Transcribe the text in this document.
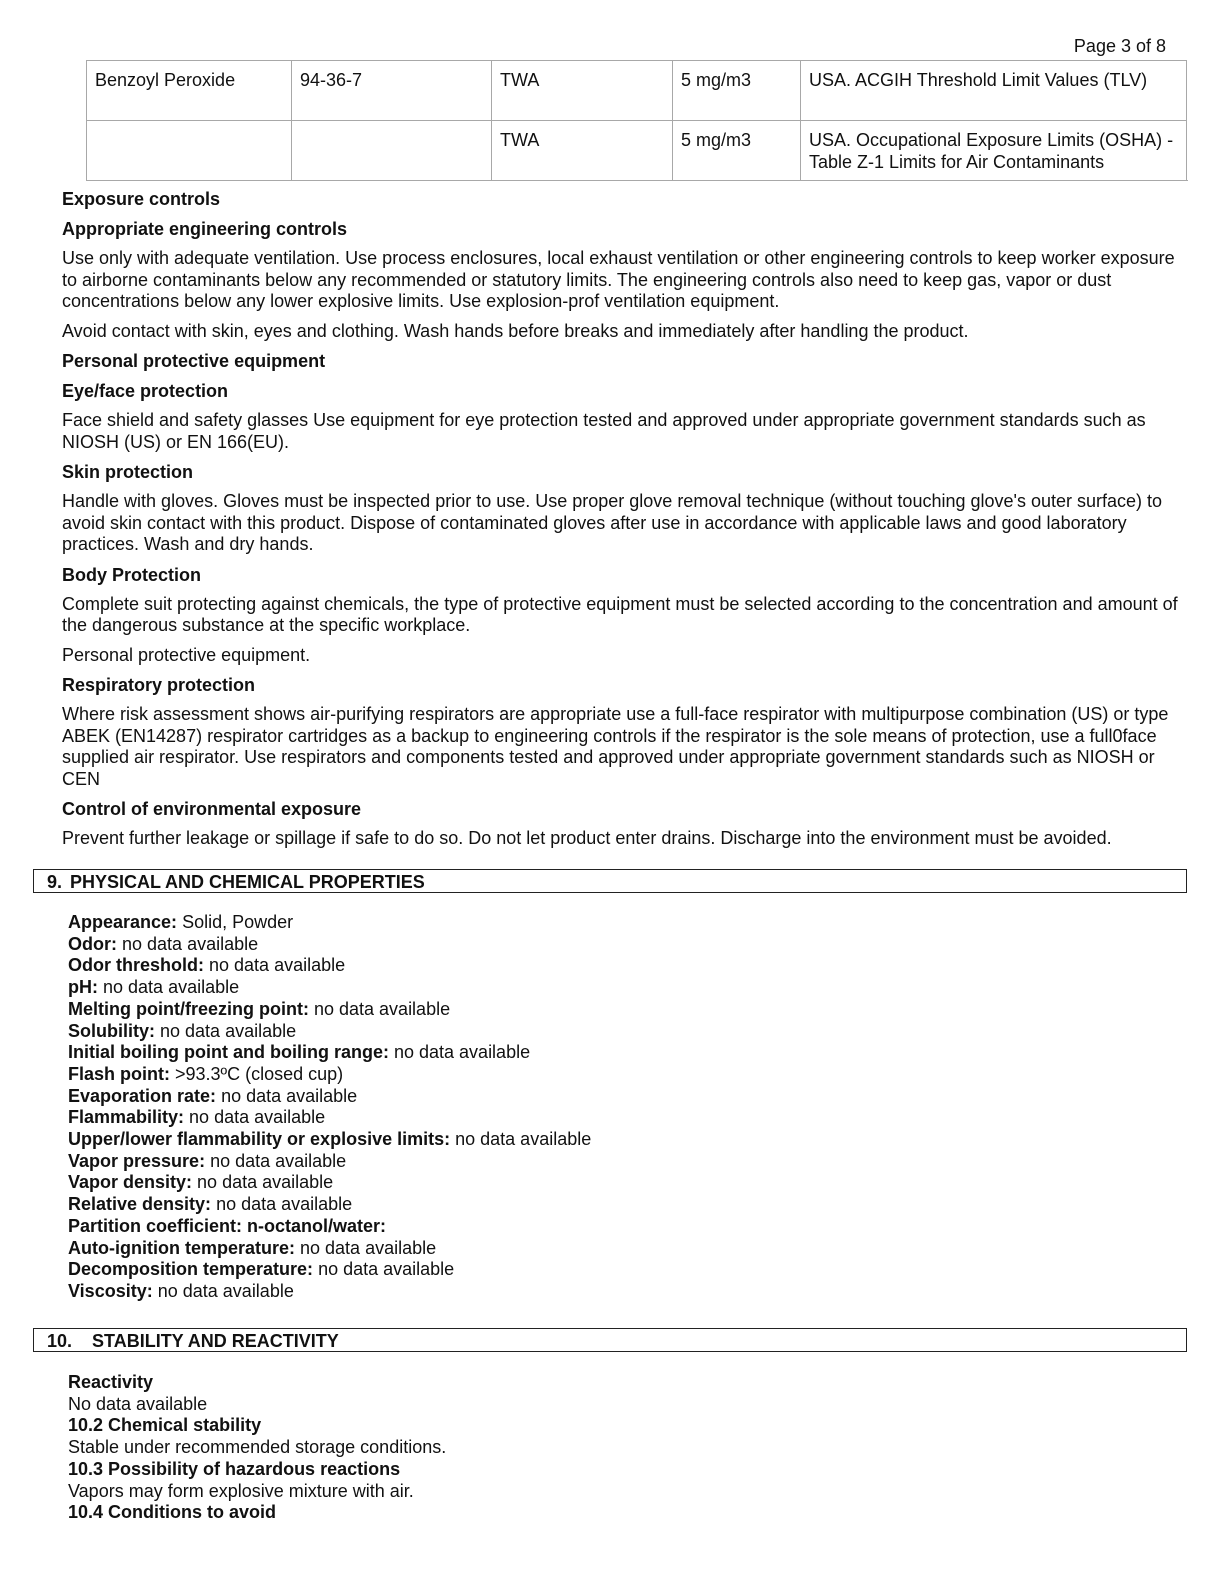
Page 3 of 8
Benzoyl Peroxide	94-36-7	TWA	5 mg/m3	USA. ACGIH Threshold Limit Values (TLV)
		TWA	5 mg/m3	USA. Occupational Exposure Limits (OSHA) - Table Z-1 Limits for Air Contaminants
Exposure controls
Appropriate engineering controls
Use only with adequate ventilation. Use process enclosures, local exhaust ventilation or other engineering controls to keep worker exposure to airborne contaminants below any recommended or statutory limits. The engineering controls also need to keep gas, vapor or dust concentrations below any lower explosive limits. Use explosion-prof ventilation equipment.
Avoid contact with skin, eyes and clothing. Wash hands before breaks and immediately after handling the product.
Personal protective equipment
Eye/face protection
Face shield and safety glasses Use equipment for eye protection tested and approved under appropriate government standards such as NIOSH (US) or EN 166(EU).
Skin protection
Handle with gloves. Gloves must be inspected prior to use. Use proper glove removal technique (without touching glove's outer surface) to avoid skin contact with this product. Dispose of contaminated gloves after use in accordance with applicable laws and good laboratory practices. Wash and dry hands.
Body Protection
Complete suit protecting against chemicals, the type of protective equipment must be selected according to the concentration and amount of the dangerous substance at the specific workplace.
Personal protective equipment.
Respiratory protection
Where risk assessment shows air-purifying respirators are appropriate use a full-face respirator with multipurpose combination (US) or type ABEK (EN14287) respirator cartridges as a backup to engineering controls if the respirator is the sole means of protection, use a full0face supplied air respirator. Use respirators and components tested and approved under appropriate government standards such as NIOSH or CEN
Control of environmental exposure
Prevent further leakage or spillage if safe to do so. Do not let product enter drains. Discharge into the environment must be avoided.
9. PHYSICAL AND CHEMICAL PROPERTIES
Appearance: Solid, Powder
Odor: no data available
Odor threshold: no data available
pH: no data available
Melting point/freezing point: no data available
Solubility: no data available
Initial boiling point and boiling range: no data available
Flash point: >93.3ºC (closed cup)
Evaporation rate: no data available
Flammability: no data available
Upper/lower flammability or explosive limits: no data available
Vapor pressure: no data available
Vapor density: no data available
Relative density: no data available
Partition coefficient: n-octanol/water:
Auto-ignition temperature: no data available
Decomposition temperature: no data available
Viscosity: no data available
10. STABILITY AND REACTIVITY
Reactivity
No data available
10.2 Chemical stability
Stable under recommended storage conditions.
10.3 Possibility of hazardous reactions
Vapors may form explosive mixture with air.
10.4 Conditions to avoid
